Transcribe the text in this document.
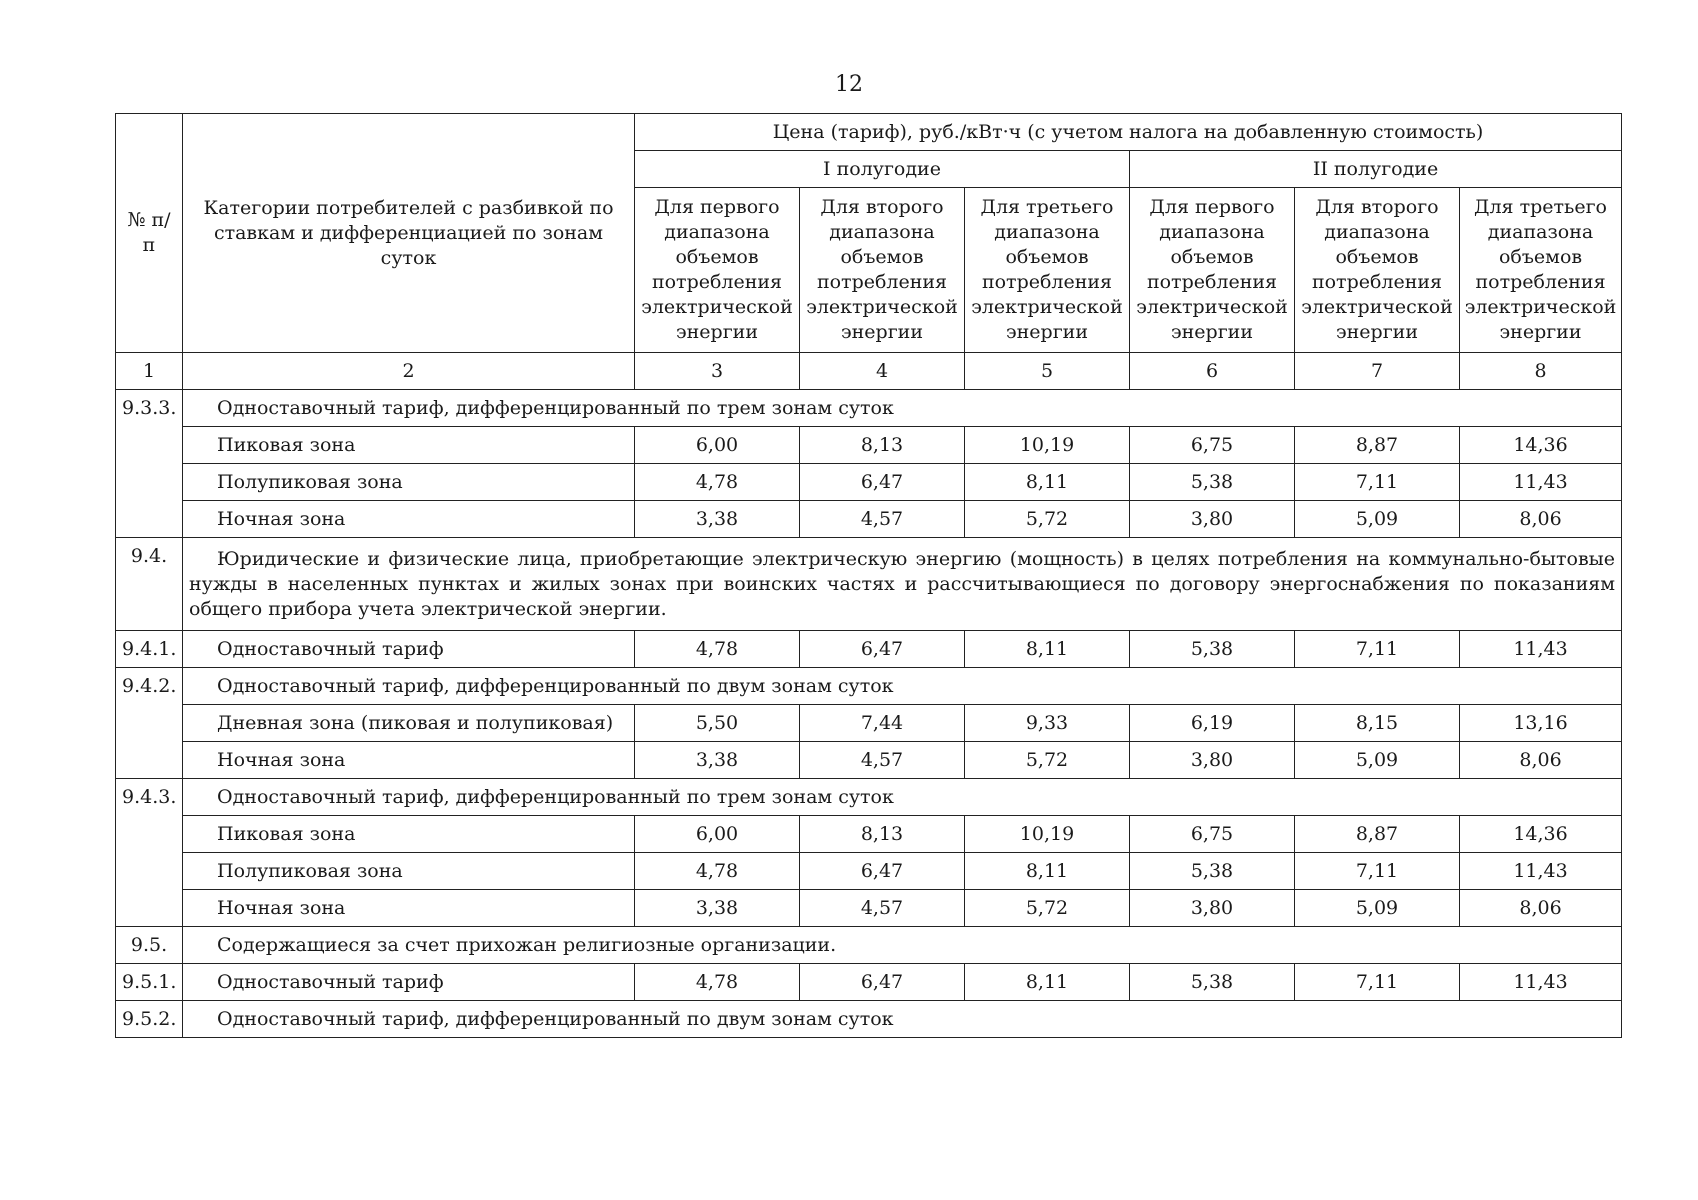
12
№ п/п	Категории потребителей с разбивкой по ставкам и дифференциацией по зонам суток	Цена (тариф), руб./кВт·ч (с учетом налога на добавленную стоимость)					
		I полугодие			II полугодие		
		Для первого диапазона объемов потребления электрической энергии	Для второго диапазона объемов потребления электрической энергии	Для третьего диапазона объемов потребления электрической энергии	Для первого диапазона объемов потребления электрической энергии	Для второго диапазона объемов потребления электрической энергии	Для третьего диапазона объемов потребления электрической энергии
1	2	3	4	5	6	7	8
9.3.3.	Одноставочный тариф, дифференцированный по трем зонам суток						
	Пиковая зона	6,00	8,13	10,19	6,75	8,87	14,36
	Полупиковая зона	4,78	6,47	8,11	5,38	7,11	11,43
	Ночная зона	3,38	4,57	5,72	3,80	5,09	8,06
9.4.	Юридические и физические лица, приобретающие электрическую энергию (мощность) в целях потребления на коммунально-бытовые нужды в населенных пунктах и жилых зонах при воинских частях и рассчитывающиеся по договору энергоснабжения по показаниям общего прибора учета электрической энергии.						
9.4.1.	Одноставочный тариф	4,78	6,47	8,11	5,38	7,11	11,43
9.4.2.	Одноставочный тариф, дифференцированный по двум зонам суток						
	Дневная зона (пиковая и полупиковая)	5,50	7,44	9,33	6,19	8,15	13,16
	Ночная зона	3,38	4,57	5,72	3,80	5,09	8,06
9.4.3.	Одноставочный тариф, дифференцированный по трем зонам суток						
	Пиковая зона	6,00	8,13	10,19	6,75	8,87	14,36
	Полупиковая зона	4,78	6,47	8,11	5,38	7,11	11,43
	Ночная зона	3,38	4,57	5,72	3,80	5,09	8,06
9.5.	Содержащиеся за счет прихожан религиозные организации.						
9.5.1.	Одноставочный тариф	4,78	6,47	8,11	5,38	7,11	11,43
9.5.2.	Одноставочный тариф, дифференцированный по двум зонам суток						
